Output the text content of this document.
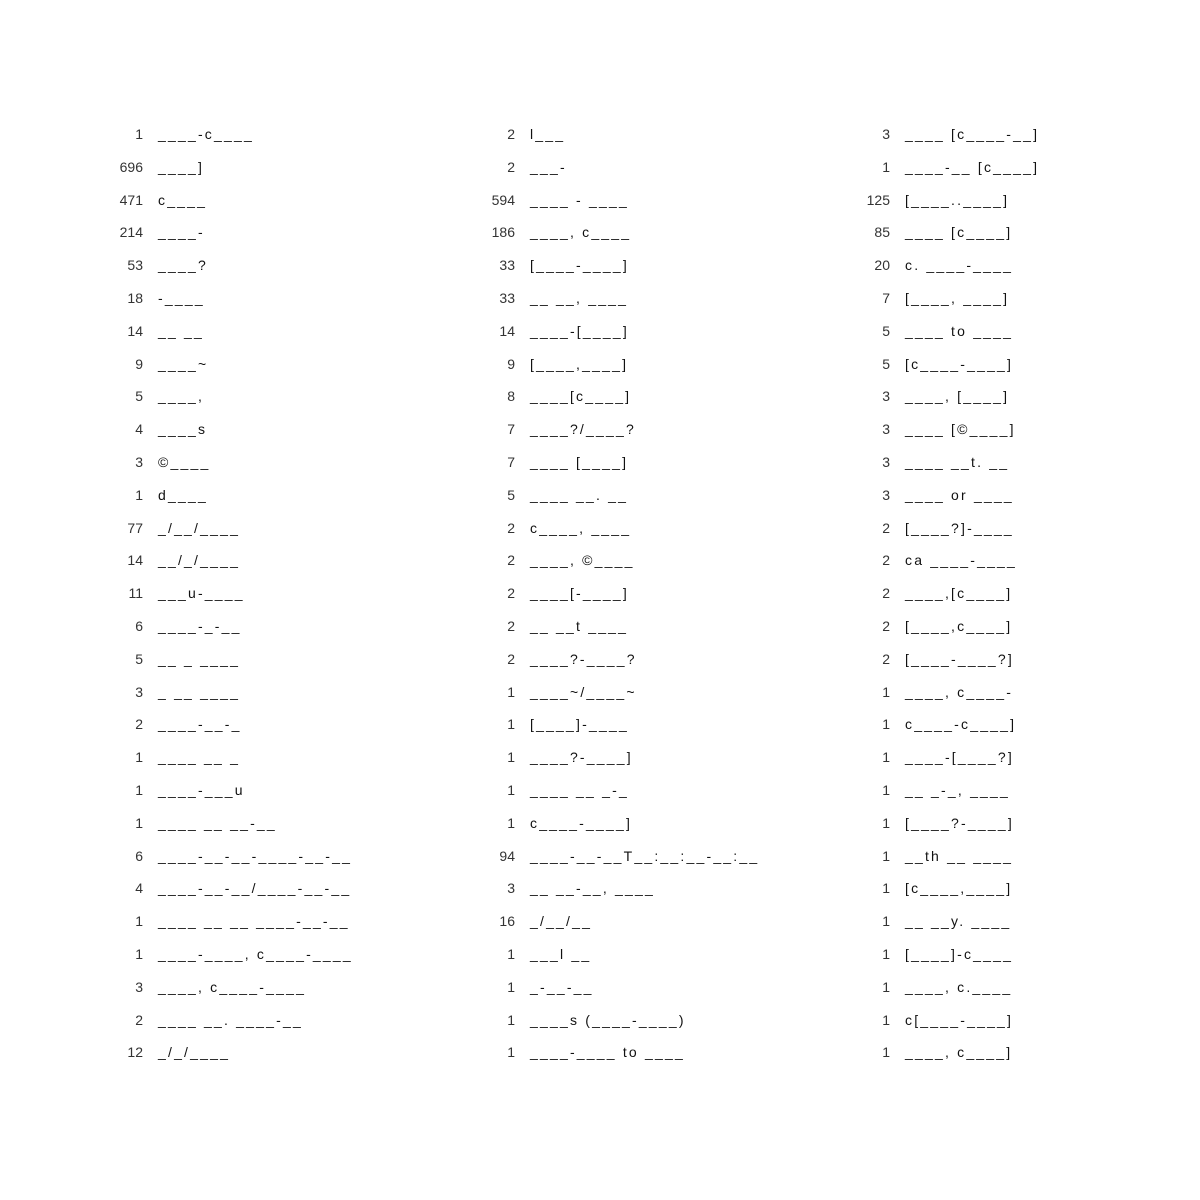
1 ____-c____
696 ____]
471 c____
214 ____-
53 ____?
18 -____
14 __ __
9 ____~
5 ____,
4 ____s
3 ©____
1 d____
77 _/__/____
14 __/_/____
11 ___u-____
6 ____-_-__
5 __ _ ____
3 _ __ ____
2 ____-__-_
1 ____ __ _
1 ____-___u
1 ____ __ __-__
6 ____-__-__-____-__-__
4 ____-__-__/____-__-__
1 ____ __ __ ____-__-__
1 ____-____, c____-____
3 ____, c____-____
2 ____ __. ____-__
12 _/_/____
2 l___
2 ___-
594 ____ - ____
186 ____, c____
33 [____-____]
33 __ __, ____
14 ____-[____]
9 [____,____]
8 ____[c____]
7 ____?/____?
7 ____ [____]
5 ____ __. __
2 c____, ____
2 ____, ©____
2 ____[-____]
2 __ __t ____
2 ____?-____?
1 ____~/____~
1 [____]-____
1 ____?-____]
1 ____ __ _-_
1 c____-____]
94 ____-__-__T__:__:__-__:__
3 __ __-__, ____
16 _/__/__
1 ___l __
1 _-__-__
1 ____s (____-____)
1 ____-____ to ____
3 ____ [c____-__]
1 ____-__ [c____]
125 [____..____]
85 ____ [c____]
20 c. ____-____
7 [____, ____]
5 ____ to ____
5 [c____-____]
3 ____, [____]
3 ____ [©____]
3 ____ __t. __
3 ____ or ____
2 [____?]-____
2 ca ____-____
2 ____,[c____]
2 [____,c____]
2 [____-____?]
1 ____, c____-
1 c____-c____]
1 ____-[____?]
1 __ _-_, ____
1 [____?-____]
1 __th __ ____
1 [c____,____]
1 __ __y. ____
1 [____]-c____
1 ____, c.____
1 c[____-____]
1 ____, c____]
